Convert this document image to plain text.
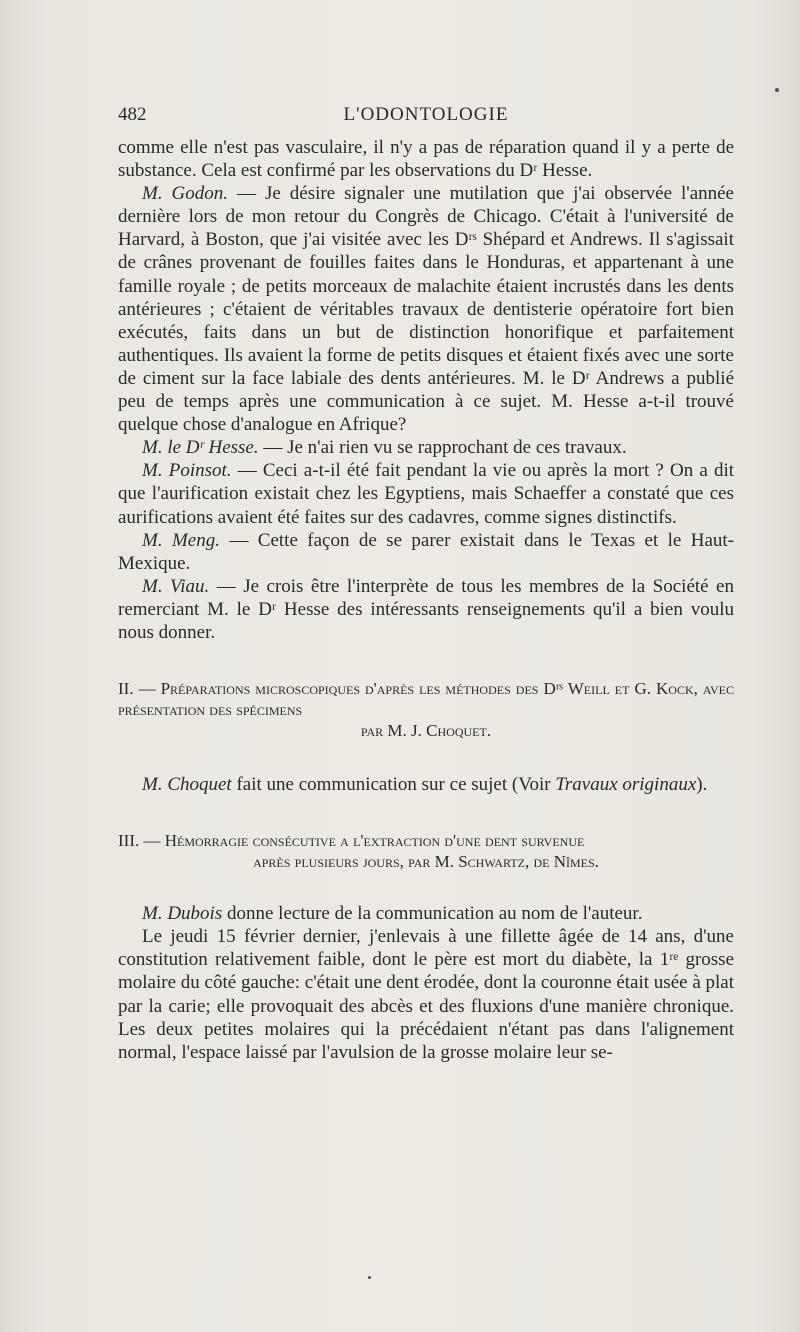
482	L'ODONTOLOGIE

comme elle n'est pas vasculaire, il n'y a pas de réparation quand il y a perte de substance. Cela est confirmé par les observations du Dʳ Hesse.

M. Godon. — Je désire signaler une mutilation que j'ai observée l'année dernière lors de mon retour du Congrès de Chicago. C'était à l'université de Harvard, à Boston, que j'ai visitée avec les Dʳˢ Shépard et Andrews. Il s'agissait de crânes provenant de fouilles faites dans le Honduras, et appartenant à une famille royale ; de petits morceaux de malachite étaient incrustés dans les dents antérieures ; c'étaient de véritables travaux de dentisterie opératoire fort bien exécutés, faits dans un but de distinction honorifique et parfaitement authentiques. Ils avaient la forme de petits disques et étaient fixés avec une sorte de ciment sur la face labiale des dents antérieures. M. le Dʳ Andrews a publié peu de temps après une communication à ce sujet. M. Hesse a-t-il trouvé quelque chose d'analogue en Afrique?

M. le Dʳ Hesse. — Je n'ai rien vu se rapprochant de ces travaux.

M. Poinsot. — Ceci a-t-il été fait pendant la vie ou après la mort ? On a dit que l'aurification existait chez les Egyptiens, mais Schaeffer a constaté que ces aurifications avaient été faites sur des cadavres, comme signes distinctifs.

M. Meng. — Cette façon de se parer existait dans le Texas et le Haut-Mexique.

M. Viau. — Je crois être l'interprète de tous les membres de la Société en remerciant M. le Dʳ Hesse des intéressants renseignements qu'il a bien voulu nous donner.

II. — Préparations microscopiques d'après les méthodes des Dʳˢ Weill et G. Kock, avec présentation des spécimens
par M. J. Choquet.

M. Choquet fait une communication sur ce sujet (Voir Travaux originaux).

III. — Hémorragie consécutive a l'extraction d'une dent survenue
après plusieurs jours, par M. Schwartz, de Nîmes.

M. Dubois donne lecture de la communication au nom de l'auteur.

Le jeudi 15 février dernier, j'enlevais à une fillette âgée de 14 ans, d'une constitution relativement faible, dont le père est mort du diabète, la 1ʳᵉ grosse molaire du côté gauche: c'était une dent érodée, dont la couronne était usée à plat par la carie; elle provoquait des abcès et des fluxions d'une manière chronique. Les deux petites molaires qui la précédaient n'étant pas dans l'alignement normal, l'espace laissé par l'avulsion de la grosse molaire leur se-
